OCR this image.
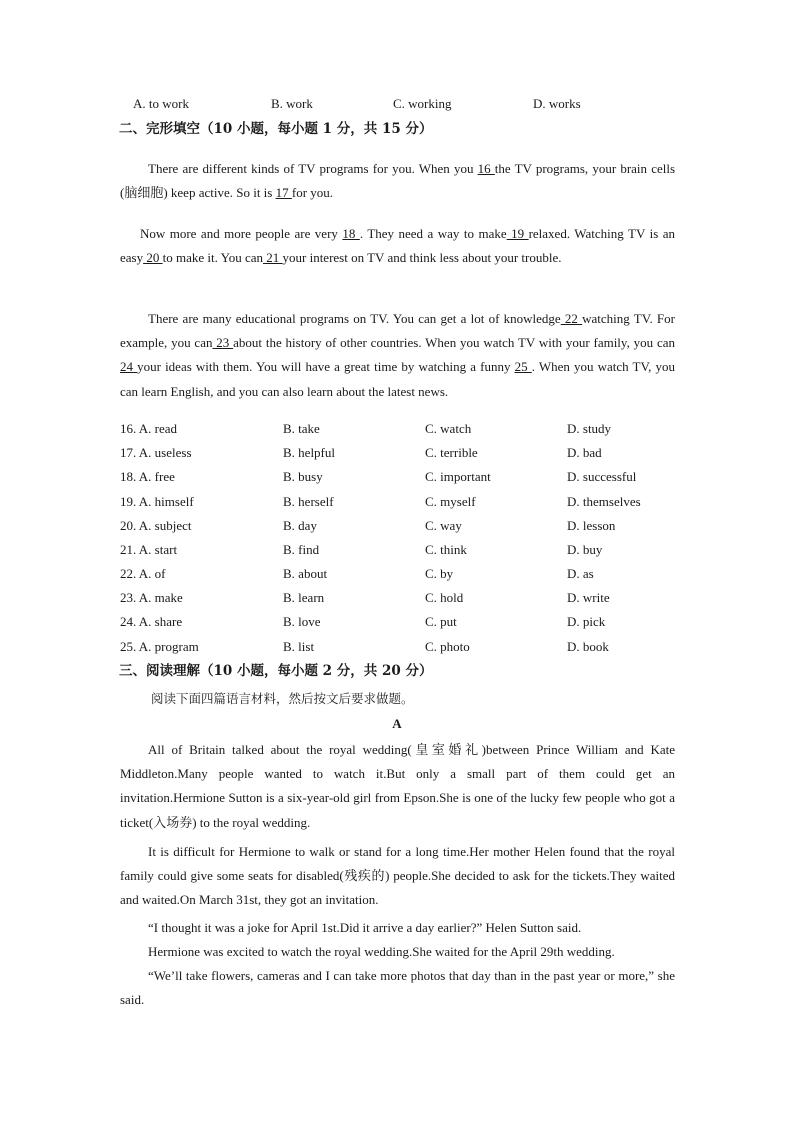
A. to work	B. work	C. working	D. works
二、完形填空（10 小题，每小题 1 分，共 15 分）
There are different kinds of TV programs for you. When you 16 the TV programs, your brain cells (脑细胞) keep active. So it is 17 for you.
Now more and more people are very 18 . They need a way to make 19 relaxed. Watching TV is an easy 20 to make it. You can 21 your interest on TV and think less about your trouble.
There are many educational programs on TV. You can get a lot of knowledge 22 watching TV. For example, you can 23 about the history of other countries. When you watch TV with your family, you can 24 your ideas with them. You will have a great time by watching a funny 25 . When you watch TV, you can learn English, and you can also learn about the latest news.
16. A. read	B. take	C. watch	D. study
17. A. useless	B. helpful	C. terrible	D. bad
18. A. free	B. busy	C. important	D. successful
19. A. himself	B. herself	C. myself	D. themselves
20. A. subject	B. day	C. way	D. lesson
21. A. start	B. find	C. think	D. buy
22. A. of	B. about	C. by	D. as
23. A. make	B. learn	C. hold	D. write
24. A. share	B. love	C. put	D. pick
25. A. program	B. list	C. photo	D. book
三、阅读理解（10 小题，每小题 2 分，共 20 分）
阅读下面四篇语言材料，然后按文后要求做题。
A
All of Britain talked about the royal wedding(皇室婚礼)between Prince William and Kate Middleton.Many people wanted to watch it.But only a small part of them could get an invitation.Hermione Sutton is a six-year-old girl from Epson.She is one of the lucky few people who got a ticket(入场券) to the royal wedding.
It is difficult for Hermione to walk or stand for a long time.Her mother Helen found that the royal family could give some seats for disabled(残疾的) people.She decided to ask for the tickets.They waited and waited.On March 31st, they got an invitation.
“I thought it was a joke for April 1st.Did it arrive a day earlier?” Helen Sutton said.
Hermione was excited to watch the royal wedding.She waited for the April 29th wedding.
“We’ll take flowers, cameras and I can take more photos that day than in the past year or more,” she said.
